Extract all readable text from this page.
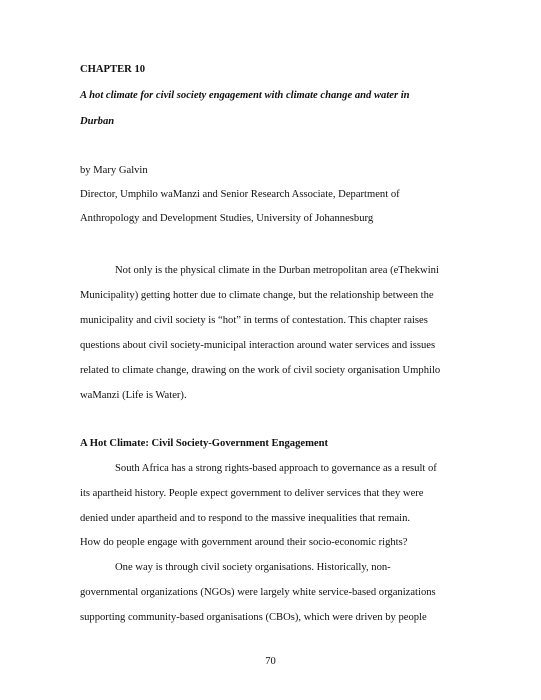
CHAPTER 10
A hot climate for civil society engagement with climate change and water in
Durban
by Mary Galvin
Director, Umphilo waManzi and Senior Research Associate, Department of
Anthropology and Development Studies, University of Johannesburg
Not only is the physical climate in the Durban metropolitan area (eThekwini
Municipality) getting hotter due to climate change, but the relationship between the
municipality and civil society is “hot” in terms of contestation. This chapter raises
questions about civil society-municipal interaction around water services and issues
related to climate change, drawing on the work of civil society organisation Umphilo
waManzi (Life is Water).
A Hot Climate: Civil Society-Government Engagement
South Africa has a strong rights-based approach to governance as a result of
its apartheid history. People expect government to deliver services that they were
denied under apartheid and to respond to the massive inequalities that remain.
How do people engage with government around their socio-economic rights?
One way is through civil society organisations. Historically, non-
governmental organizations (NGOs) were largely white service-based organizations
supporting community-based organisations (CBOs), which were driven by people
70
